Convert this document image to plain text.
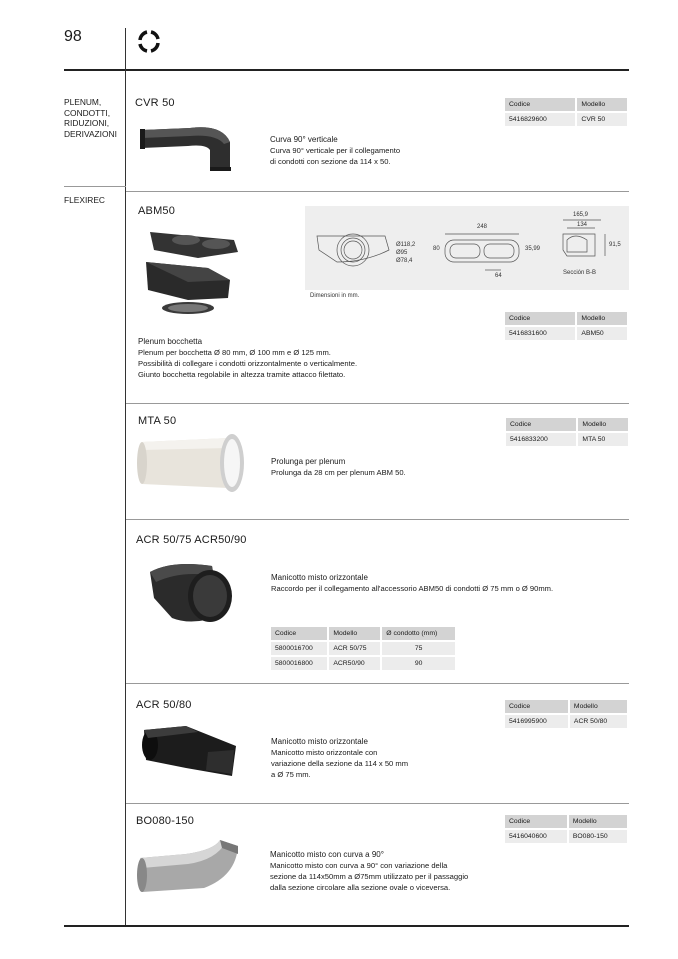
98
PLENUM,
CONDOTTI,
RIDUZIONI,
DERIVAZIONI
FLEXIREC
CVR 50
Curva 90° verticale
Curva 90° verticale per il collegamento
di condotti con sezione da 114 x 50.
Codice	Modello
5416829600	CVR 50
ABM50
Ø118,2
Ø95
Ø78,4
248
80	35,99
64
165,9
134
91,5
Sección B-B
Dimensioni in mm.
Codice	Modello
5416831600	ABM50
Plenum bocchetta
Plenum per bocchetta Ø 80 mm, Ø 100 mm e Ø 125 mm.
Possibilità di collegare i condotti orizzontalmente o verticalmente.
Giunto bocchetta regolabile in altezza tramite attacco filettato.
MTA 50
Prolunga per plenum
Prolunga da 28 cm per plenum ABM 50.
Codice	Modello
5416833200	MTA 50
ACR 50/75 ACR50/90
Manicotto misto orizzontale
Raccordo per il collegamento all'accessorio ABM50 di condotti Ø 75 mm o Ø 90mm.
Codice	Modello	Ø condotto (mm)
5800016700	ACR 50/75	75
5800016800	ACR50/90	90
ACR 50/80
Manicotto misto orizzontale
Manicotto misto orizzontale con
variazione della sezione da 114 x 50 mm
a Ø 75 mm.
Codice	Modello
5416995900	ACR 50/80
BO080-150
Manicotto misto con curva a 90°
Manicotto misto con curva a 90° con variazione della
sezione da 114x50mm a Ø75mm utilizzato per il passaggio
dalla sezione circolare alla sezione ovale o viceversa.
Codice	Modello
5416040600	BO080-150
